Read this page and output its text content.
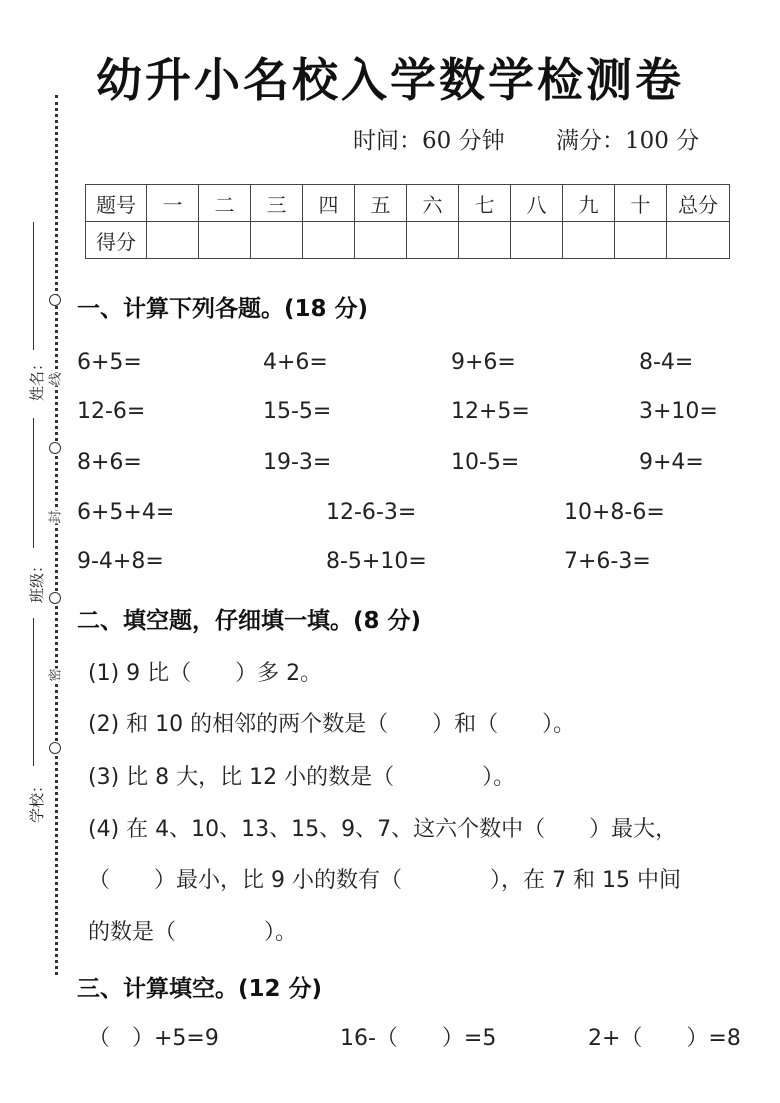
幼升小名校入学数学检测卷
时间：60 分钟 满分：100 分
题号	一	二	三	四	五	六	七	八	九	十	总分
得分											
线
封
密
姓名：
班级：
学校：
一、计算下列各题。(18 分)
6+5=	4+6=	9+6=	8-4=
12-6=	15-5=	12+5=	3+10=
8+6=	19-3=	10-5=	9+4=
6+5+4=	12-6-3=	10+8-6=
9-4+8=	8-5+10=	7+6-3=
二、填空题，仔细填一填。(8 分)
(1) 9 比（　　）多 2。
(2) 和 10 的相邻的两个数是（　　）和（　　）。
(3) 比 8 大，比 12 小的数是（　　　　）。
(4) 在 4、10、13、15、9、7、这六个数中（　　）最大，
（　　）最小，比 9 小的数有（　　　　），在 7 和 15 中间
的数是（　　　　）。
三、计算填空。(12 分)
（　）+5=9	16-（　　）=5	2+（　　）=8
